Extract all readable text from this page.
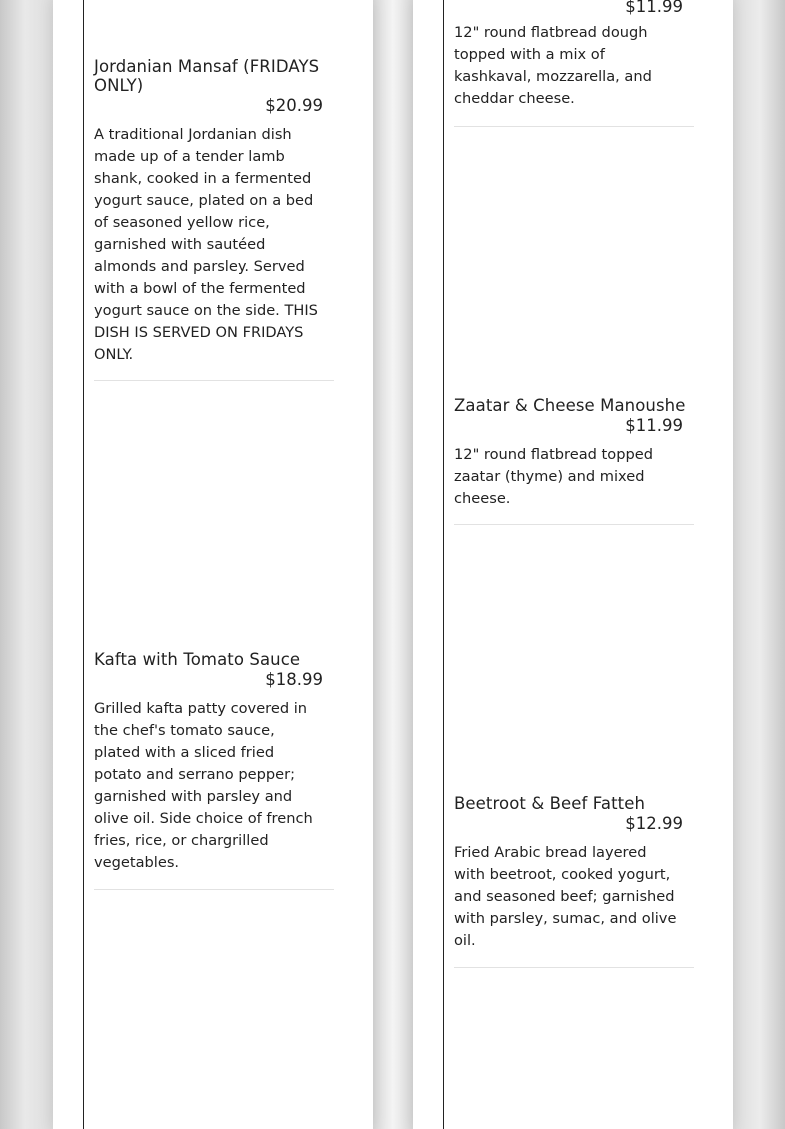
Jordanian Mansaf (FRIDAYS ONLY)
$20.99
A traditional Jordanian dish made up of a tender lamb shank, cooked in a fermented yogurt sauce, plated on a bed of seasoned yellow rice, garnished with sautéed almonds and parsley. Served with a bowl of the fermented yogurt sauce on the side. THIS DISH IS SERVED ON FRIDAYS ONLY.
Kafta with Tomato Sauce
$18.99
Grilled kafta patty covered in the chef's tomato sauce, plated with a sliced fried potato and serrano pepper; garnished with parsley and olive oil. Side choice of french fries, rice, or chargrilled vegetables.
$11.99
12" round flatbread dough topped with a mix of kashkaval, mozzarella, and cheddar cheese.
Zaatar & Cheese Manoushe
$11.99
12" round flatbread topped zaatar (thyme) and mixed cheese.
Beetroot & Beef Fatteh
$12.99
Fried Arabic bread layered with beetroot, cooked yogurt, and seasoned beef; garnished with parsley, sumac, and olive oil.
